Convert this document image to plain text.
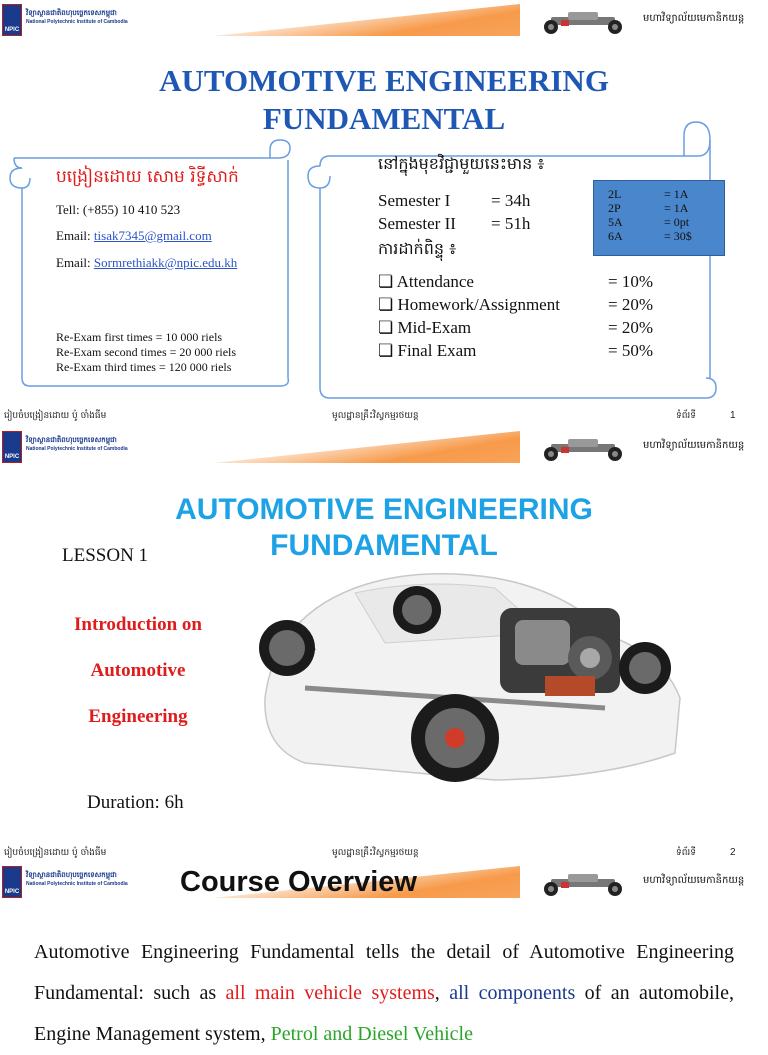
NPIC
វិទ្យាស្ថានជាតិពហុបច្ចេកទេសកម្ពុជា
National Polytechnic Institute of Cambodia	មហាវិទ្យាល័យមេកានិកយន្ត
AUTOMOTIVE ENGINEERING
FUNDAMENTAL
បង្រៀនដោយ សោម រិទ្ធីសាក់
Tell: (+855) 10 410 523
Email: tisak7345@gmail.com
Email: Sormrethiakk@npic.edu.kh
Re-Exam first times = 10 000 riels
Re-Exam second times = 20 000 riels
Re-Exam third times = 120 000 riels
នៅក្នុងមុខវិជ្ជាមួយនេះមាន ៖
Semester I = 34h
Semester II = 51h
ការដាក់ពិន្ទុ ៖
❏ Attendance	= 10%
❏ Homework/Assignment	= 20%
❏ Mid-Exam	= 20%
❏ Final Exam	= 50%
2L	= 1A
2P	= 1A
5A	= 0pt
6A	= 30$
រៀបចំបង្រៀនដោយ ប៉ូ ចាំងធីម	មូលដ្ឋានគ្រឹះវិស្វកម្មរថយន្ត	ទំព័រទី	1
NPIC
វិទ្យាស្ថានជាតិពហុបច្ចេកទេសកម្ពុជា
National Polytechnic Institute of Cambodia	មហាវិទ្យាល័យមេកានិកយន្ត
AUTOMOTIVE ENGINEERING
FUNDAMENTAL
LESSON 1
Introduction on
Automotive
Engineering
Duration: 6h
រៀបចំបង្រៀនដោយ ប៉ូ ចាំងធីម	មូលដ្ឋានគ្រឹះវិស្វកម្មរថយន្ត	ទំព័រទី	2
NPIC
វិទ្យាស្ថានជាតិពហុបច្ចេកទេសកម្ពុជា
National Polytechnic Institute of Cambodia	មហាវិទ្យាល័យមេកានិកយន្ត
Course Overview
Automotive Engineering Fundamental tells the detail of Automotive Engineering Fundamental: such as all main vehicle systems, all components of an automobile, Engine Management system, Petrol and Diesel Vehicle
